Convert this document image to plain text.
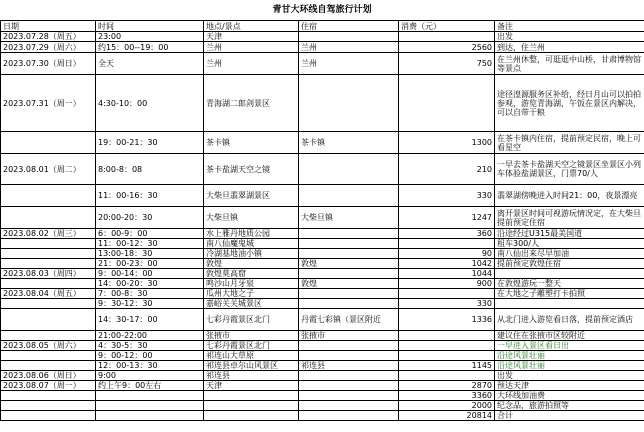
青甘大环线自驾旅行计划
日期	时间	地点/景点	住宿	消费（元）	备注
2023.07.28（周五）	23:00	天津			出发
2023.07.29（周六）	约15：00--19：00	兰州	兰州	2560	到达，住兰州
2023.07.30（周日）	全天	兰州	兰州	750	在兰州休整，可逛逛中山桥，甘肃博物馆等景点
2023.07.31（周一）	4:30-10：00	青海湖二郎剑景区			途径湟源服务区补给，经日月山可以拍拍参观，游览青海湖，午饭在景区内解决，可以自带干粮
	19：00-21：30	茶卡镇	茶卡镇	1300	在茶卡镇内住宿，提前预定民宿，晚上可看星空
2023.08.01（周二）	8:00-8：08	茶卡盐湖天空之镜		210	一早去茶卡盐湖天空之镜景区坐景区小列车体验盐湖景区，门票70/人
	11：00-16：30	大柴旦翡翠湖景区		330	翡翠湖傍晚进入时间21：00，夜景漂亮
	20:00-20：30	大柴旦镇	大柴旦镇	1247	离开景区时间可视游玩情况定，在大柴旦提前预定住宿
2023.08.02（周三）	6：00-9：00	水上雅丹地质公园		360	沿途经过U315最美国道
	11：00-12：30	南八仙魔鬼城			租车300/人
	13:00-18：30	冷湖基地油小镇		90	南八仙出来尽早加油
	21：00-23：00	敦煌	敦煌	1042	提前预定敦煌住宿
2023.08.03（周四）	9：00-14：00	敦煌莫高窟		1044	
	14：00-20：30	鸣沙山月牙泉	敦煌	900	在敦煌游玩一整天
2023.08.04（周五）	7：00-8：30	瓜州大地之子			在大地之子雕塑打卡拍照
	9：30-12：30	嘉峪关关城景区		330	
	14：30-17：00	七彩丹霞景区北门	丹霞七彩镇（景区附近	1336	从北门进入游览看日落，提前预定酒店
	21:00-22:00	张掖市	张掖市		建议住在张掖市区较附近
2023.08.05（周六）	4：30-5：30	七彩丹霞景区北门			一早进入景区看日出
	9：00-12：00	祁连山大草原			沿途风景壮丽
	12：00-13：30	祁连县卓尔山风景区	祁连县	1145	沿途风景壮丽
2023.08.06（周日）	9:00	祁连县			出发
2023.08.07（周一）	约上午9：00左右	天津		2870	预达天津
				3360	大环线加油费
				2000	纪念品，旅游拍照等
				20814	合计
